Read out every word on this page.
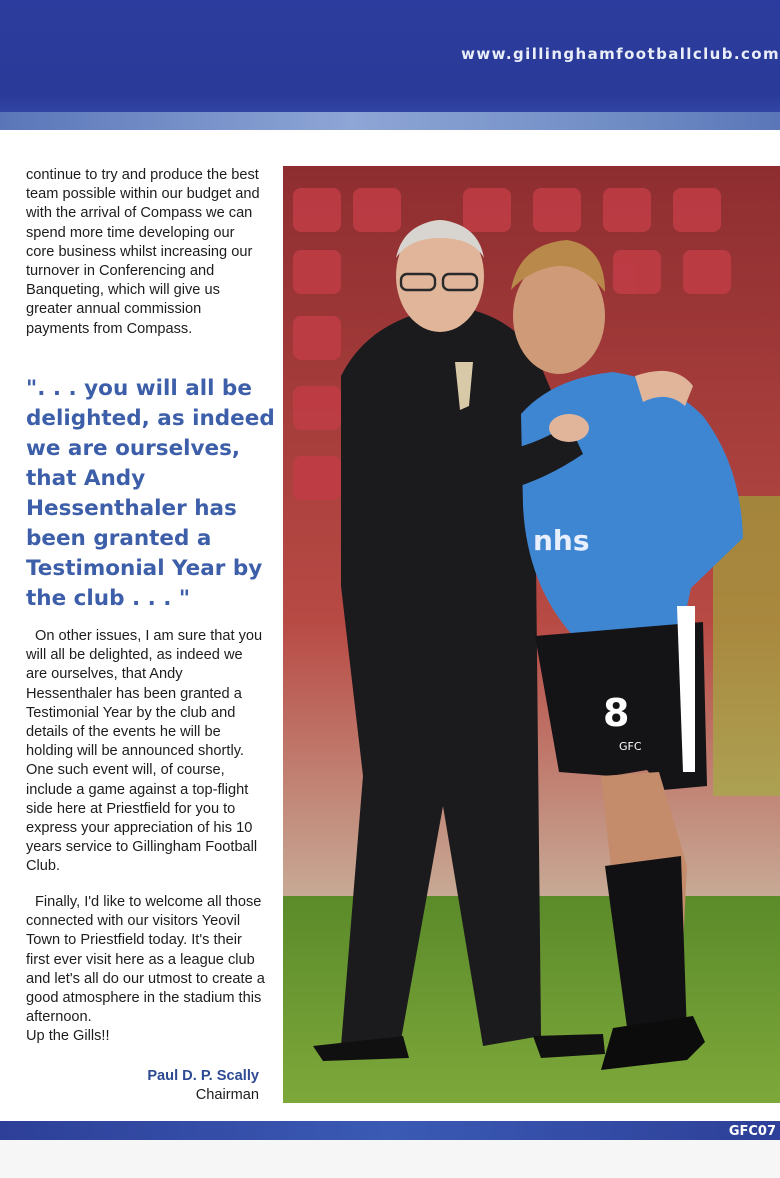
www.gillinghamfootballclub.com

continue to try and produce the best team possible within our budget and with the arrival of Compass we can spend more time developing our core business whilst increasing our turnover in Conferencing and Banqueting, which will give us greater annual commission payments from Compass.

". . . you will all be delighted, as indeed we are ourselves, that Andy Hessenthaler has been granted a Testimonial Year by the club . . . "

On other issues, I am sure that you will all be delighted, as indeed we are ourselves, that Andy Hessenthaler has been granted a Testimonial Year by the club and details of the events he will be holding will be announced shortly. One such event will, of course, include a game against a top-flight side here at Priestfield for you to express your appreciation of his 10 years service to Gillingham Football Club.

Finally, I'd like to welcome all those connected with our visitors Yeovil Town to Priestfield today. It's their first ever visit here as a league club and let's all do our utmost to create a good atmosphere in the stadium this afternoon.
Up the Gills!!
Paul D. P. Scally
Chairman
8
nhs
GFC
GFC07
